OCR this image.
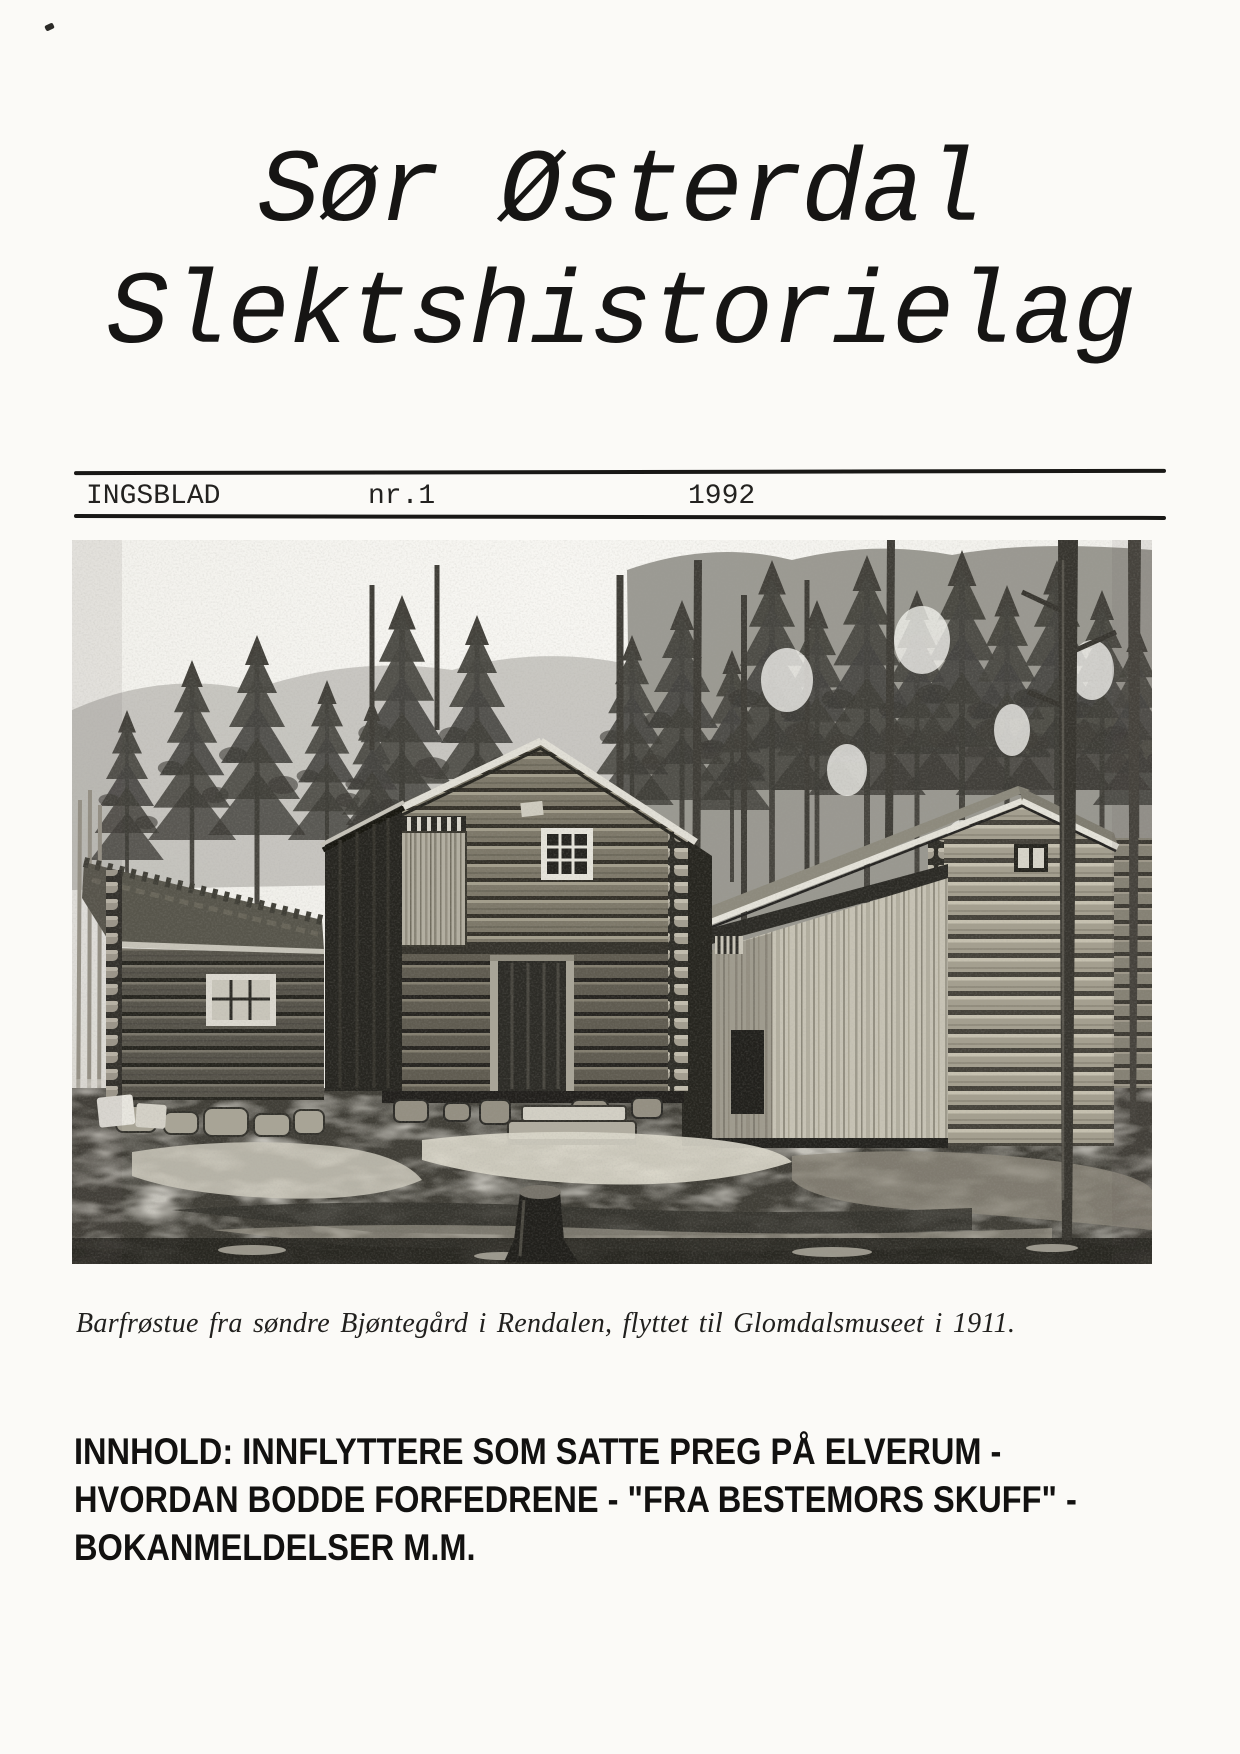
Sør Østerdal
Slektshistorielag
INGSBLAD	nr.1	1992
Barfrøstue fra søndre Bjøntegård i Rendalen, flyttet til Glomdalsmuseet i 1911.
INNHOLD: INNFLYTTERE SOM SATTE PREG PÅ ELVERUM -
HVORDAN BODDE FORFEDRENE - "FRA BESTEMORS SKUFF" -
BOKANMELDELSER M.M.
